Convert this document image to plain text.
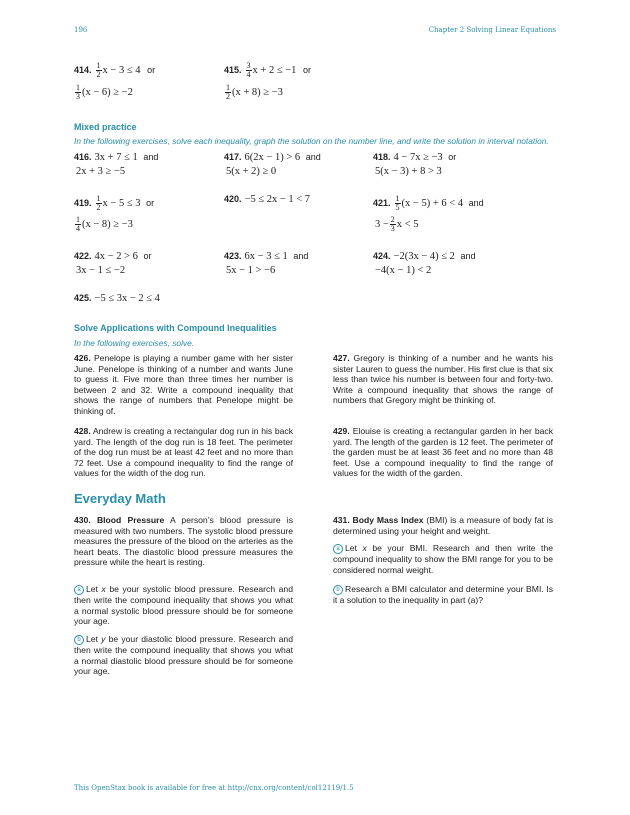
196	Chapter 2 Solving Linear Equations
414. $\frac{1}{2}$ x − 3 ≤ 4 or
$\frac{1}{3} (x - 6) \ge -2$
415. $\frac{3}{4}$ x + 2 ≤ −1 or
$\frac{1}{2} (x + 8) \ge -3$
Mixed practice
In the following exercises, solve each inequality, graph the solution on the number line, and write the solution in interval notation.
416. 3x + 7 ≤ 1 and
2x + 3 ≥ −5
417. 6(2x − 1) > 6 and
5(x + 2) ≥ 0
418. 4 − 7x ≥ −3 or
5(x − 3) + 8 > 3
419. $\frac{1}{2}$ x − 5 ≤ 3 or
$\frac{1}{4} (x - 8) \ge -3$
420. −5 ≤ 2x − 1 < 7	421. $\frac{1}{5} (x - 5) + 6 < 4$ and
$3 - \frac{2}{3}$ x < 5
422. 4x − 2 > 6 or
3x − 1 ≤ −2
423. 6x − 3 ≤ 1 and
5x − 1 > −6
424. −2(3x − 4) ≤ 2 and
−4(x − 1) < 2
425. −5 ≤ 3x − 2 ≤ 4
Solve Applications with Compound Inequalities
In the following exercises, solve.
426. Penelope is playing a number game with her sister June. Penelope is thinking of a number and wants June to guess it. Five more than three times her number is between 2 and 32. Write a compound inequality that shows the range of numbers that Penelope might be thinking of.
427. Gregory is thinking of a number and he wants his sister Lauren to guess the number. His first clue is that six less than twice his number is between four and forty-two. Write a compound inequality that shows the range of numbers that Gregory might be thinking of.
428. Andrew is creating a rectangular dog run in his back yard. The length of the dog run is 18 feet. The perimeter of the dog run must be at least 42 feet and no more than 72 feet. Use a compound inequality to find the range of values for the width of the dog run.
429. Elouise is creating a rectangular garden in her back yard. The length of the garden is 12 feet. The perimeter of the garden must be at least 36 feet and no more than 48 feet. Use a compound inequality to find the range of values for the width of the garden.
Everyday Math
430. Blood Pressure A person’s blood pressure is measured with two numbers. The systolic blood pressure measures the pressure of the blood on the arteries as the heart beats. The diastolic blood pressure measures the pressure while the heart is resting.
a Let x be your systolic blood pressure. Research and then write the compound inequality that shows you what a normal systolic blood pressure should be for someone your age.
b Let y be your diastolic blood pressure. Research and then write the compound inequality that shows you what a normal diastolic blood pressure should be for someone your age.
431. Body Mass Index (BMI) is a measure of body fat is determined using your height and weight.
a Let x be your BMI. Research and then write the compound inequality to show the BMI range for you to be considered normal weight.
b Research a BMI calculator and determine your BMI. Is it a solution to the inequality in part (a)?
This OpenStax book is available for free at http://cnx.org/content/col12119/1.5
